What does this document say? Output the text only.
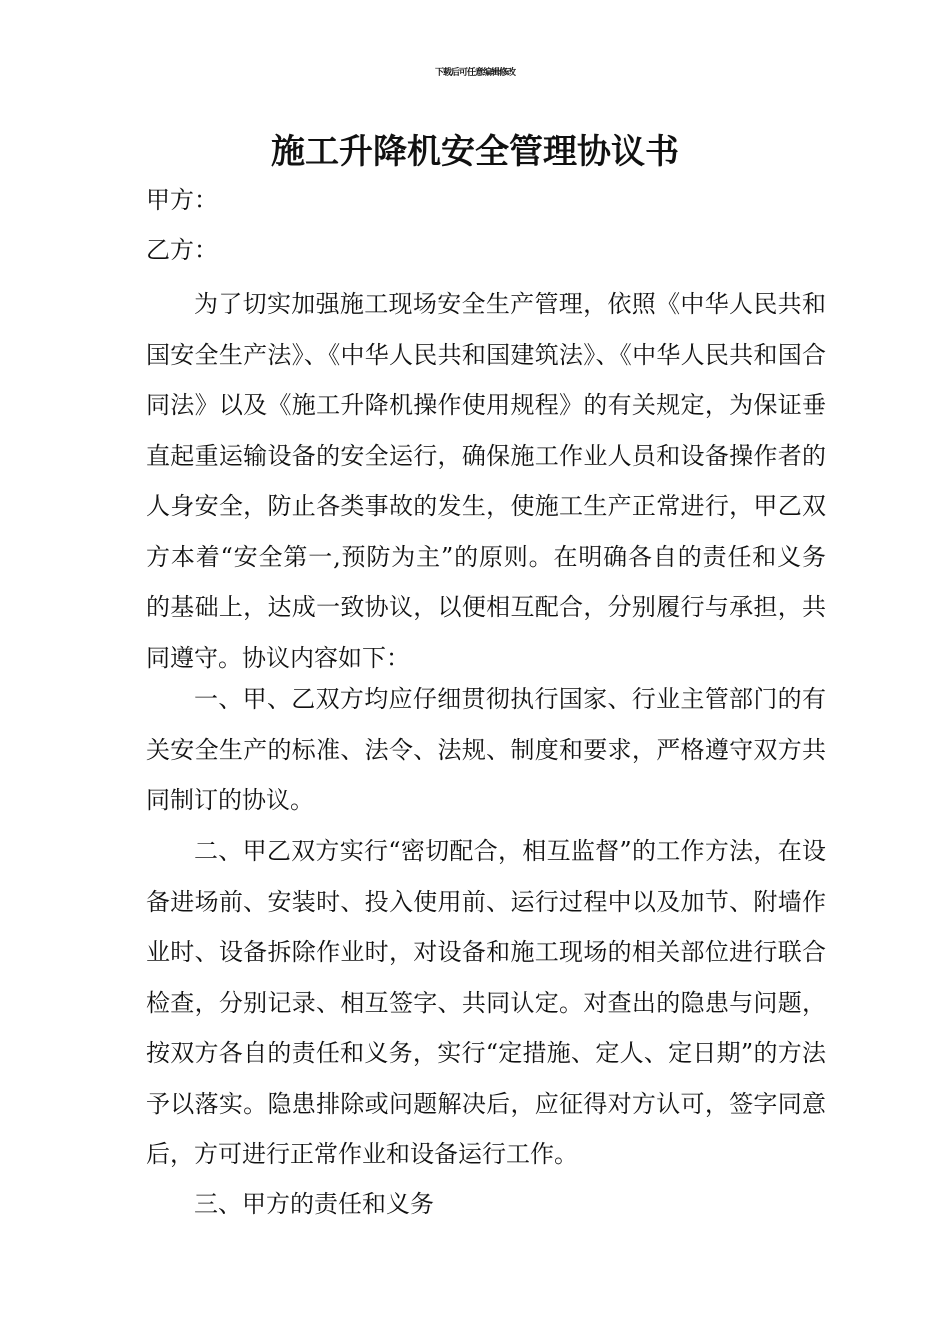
下载后可任意编辑修改
施工升降机安全管理协议书
甲方：
乙方：

为了切实加强施工现场安全生产管理，依照《中华人民共和国安全生产法》、《中华人民共和国建筑法》、《中华人民共和国合同法》以及《施工升降机操作使用规程》的有关规定，为保证垂直起重运输设备的安全运行，确保施工作业人员和设备操作者的人身安全，防止各类事故的发生，使施工生产正常进行，甲乙双方本着“安全第一,预防为主”的原则。在明确各自的责任和义务的基础上，达成一致协议，以便相互配合，分别履行与承担，共同遵守。协议内容如下：

一、甲、乙双方均应仔细贯彻执行国家、行业主管部门的有关安全生产的标准、法令、法规、制度和要求，严格遵守双方共同制订的协议。

二、甲乙双方实行“密切配合，相互监督”的工作方法，在设备进场前、安装时、投入使用前、运行过程中以及加节、附墙作业时、设备拆除作业时，对设备和施工现场的相关部位进行联合检查，分别记录、相互签字、共同认定。对查出的隐患与问题，按双方各自的责任和义务，实行“定措施、定人、定日期”的方法予以落实。隐患排除或问题解决后，应征得对方认可，签字同意后，方可进行正常作业和设备运行工作。

三、甲方的责任和义务
